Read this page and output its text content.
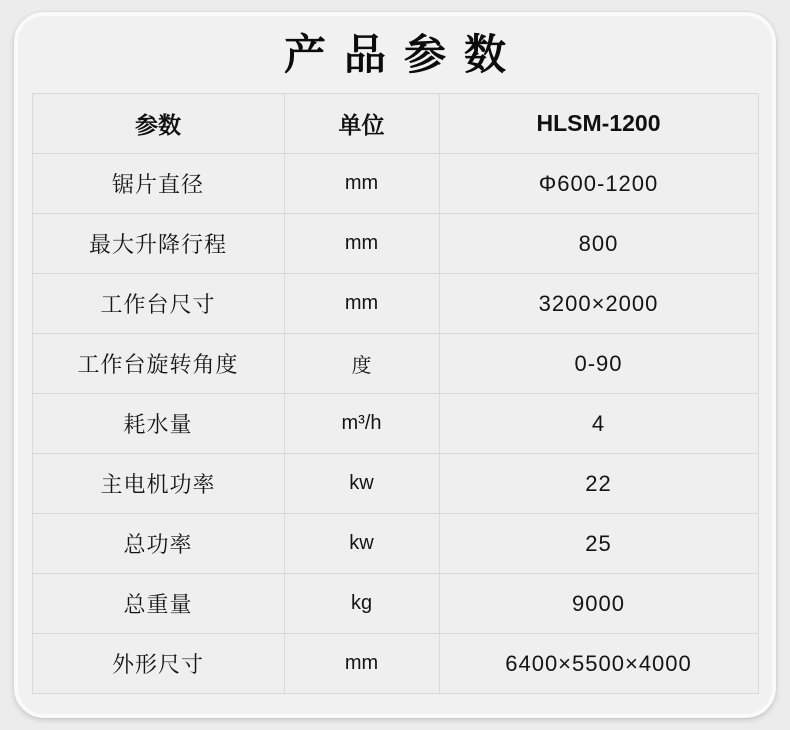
产品参数
参数	单位	HLSM-1200
锯片直径	mm	Φ600-1200
最大升降行程	mm	800
工作台尺寸	mm	3200×2000
工作台旋转角度	度	0-90
耗水量	m³/h	4
主电机功率	kw	22
总功率	kw	25
总重量	kg	9000
外形尺寸	mm	6400×5500×4000
